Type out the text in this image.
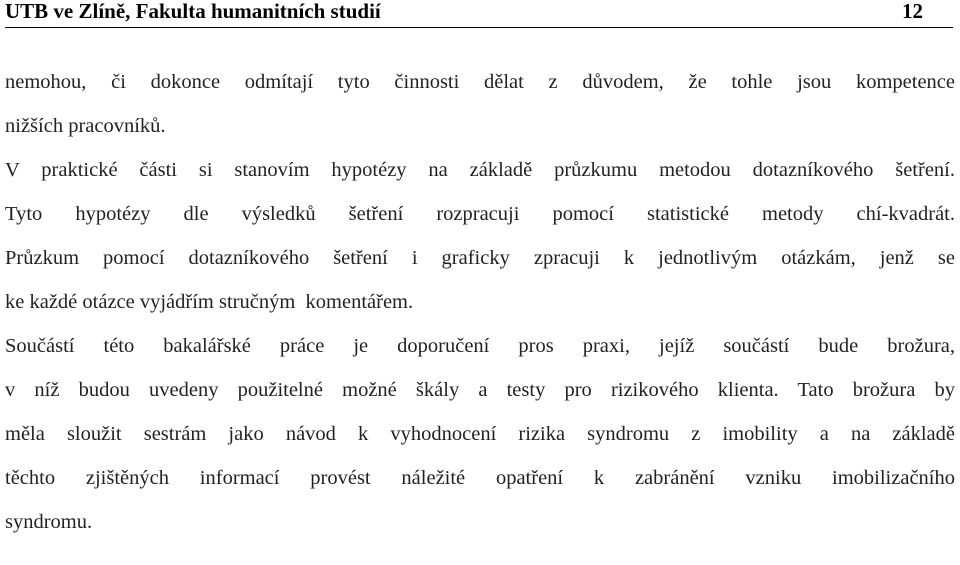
UTB ve Zlíně, Fakulta humanitních studií	12
nemohou, či dokonce odmítají tyto činnosti dělat z důvodem, že tohle jsou kompetence
nižších pracovníků.
V praktické části si stanovím hypotézy na základě průzkumu metodou dotazníkového šetření.
Tyto hypotézy dle výsledků šetření rozpracuji pomocí statistické metody chí-kvadrát.
Průzkum pomocí dotazníkového šetření i graficky zpracuji k jednotlivým otázkám, jenž se
ke každé otázce vyjádřím stručným  komentářem.
Součástí této bakalářské práce je doporučení pros praxi, jejíž součástí bude brožura,
v níž budou uvedeny použitelné možné škály a testy pro rizikového klienta. Tato brožura by
měla sloužit sestrám jako návod k vyhodnocení rizika syndromu z imobility a na základě
těchto zjištěných informací provést náležité opatření k zabránění vzniku imobilizačního
syndromu.
